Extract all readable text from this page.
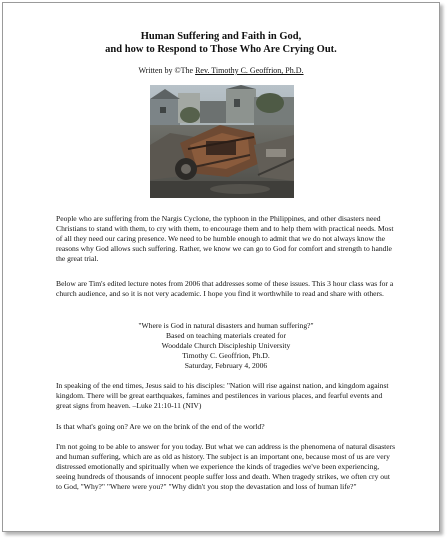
Human Suffering and Faith in God,
and how to Respond to Those Who Are Crying Out.
Written by ©The Rev. Timothy C. Geoffrion, Ph.D.

People who are suffering from the Nargis Cyclone, the typhoon in the Philippines, and other disasters need Christians to stand with them, to cry with them, to encourage them and to help them with practical needs. Most of all they need our caring presence. We need to be humble enough to admit that we do not always know the reasons why God allows such suffering. Rather, we know we can go to God for comfort and strength to handle the great trial.

Below are Tim's edited lecture notes from 2006 that addresses some of these issues. This 3 hour class was for a church audience, and so it is not very academic. I hope you find it worthwhile to read and share with others.

"Where is God in natural disasters and human suffering?"
Based on teaching materials created for
Wooddale Church Discipleship University
Timothy C. Geoffrion, Ph.D.
Saturday, February 4, 2006

In speaking of the end times, Jesus said to his disciples: "Nation will rise against nation, and kingdom against kingdom. There will be great earthquakes, famines and pestilences in various places, and fearful events and great signs from heaven. –Luke 21:10-11 (NIV)

Is that what's going on? Are we on the brink of the end of the world?

I'm not going to be able to answer for you today. But what we can address is the phenomena of natural disasters and human suffering, which are as old as history. The subject is an important one, because most of us are very distressed emotionally and spiritually when we experience the kinds of tragedies we've been experiencing, seeing hundreds of thousands of innocent people suffer loss and death. When tragedy strikes, we often cry out to God, "Why?" "Where were you?" "Why didn't you stop the devastation and loss of human life?"
